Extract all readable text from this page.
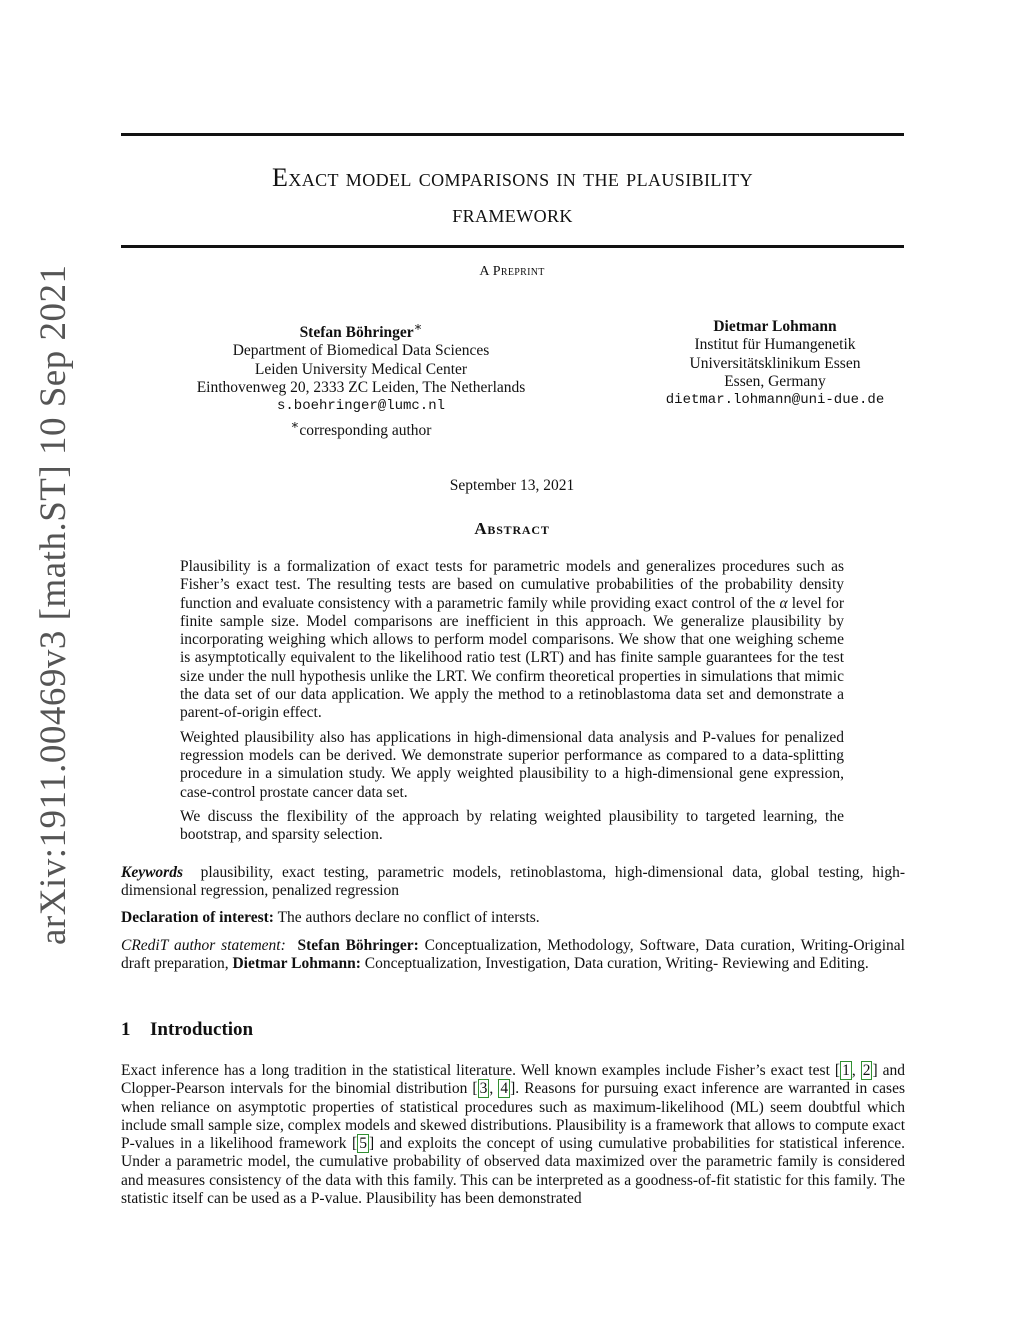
arXiv:1911.00469v3 [math.ST] 10 Sep 2021
Exact model comparisons in the plausibility
framework
A Preprint
Stefan Böhringer∗
Department of Biomedical Data Sciences
Leiden University Medical Center
Einthovenweg 20, 2333 ZC Leiden, The Netherlands
s.boehringer@lumc.nl
∗corresponding author
Dietmar Lohmann
Institut für Humangenetik
Universitätsklinikum Essen
Essen, Germany
dietmar.lohmann@uni-due.de
September 13, 2021
Abstract

Plausibility is a formalization of exact tests for parametric models and generalizes procedures such as Fisher’s exact test. The resulting tests are based on cumulative probabilities of the probability density function and evaluate consistency with a parametric family while providing exact control of the α level for finite sample size. Model comparisons are inefficient in this approach. We generalize plausibility by incorporating weighing which allows to perform model comparisons. We show that one weighing scheme is asymptotically equivalent to the likelihood ratio test (LRT) and has finite sample guarantees for the test size under the null hypothesis unlike the LRT. We confirm theoretical properties in simulations that mimic the data set of our data application. We apply the method to a retinoblastoma data set and demonstrate a parent-of-origin effect.

Weighted plausibility also has applications in high-dimensional data analysis and P-values for penalized regression models can be derived. We demonstrate superior performance as compared to a data-splitting procedure in a simulation study. We apply weighted plausibility to a high-dimensional gene expression, case-control prostate cancer data set.

We discuss the flexibility of the approach by relating weighted plausibility to targeted learning, the bootstrap, and sparsity selection.

Keywords plausibility, exact testing, parametric models, retinoblastoma, high-dimensional data, global testing, high-dimensional regression, penalized regression
Declaration of interest: The authors declare no conflict of intersts.
CRediT author statement: Stefan Böhringer: Conceptualization, Methodology, Software, Data curation, Writing-Original draft preparation, Dietmar Lohmann: Conceptualization, Investigation, Data curation, Writing- Reviewing and Editing.
1 Introduction
Exact inference has a long tradition in the statistical literature. Well known examples include Fisher’s exact test [ 1 , 2 ] and Clopper-Pearson intervals for the binomial distribution [ 3 , 4 ]. Reasons for pursuing exact inference are warranted in cases when reliance on asymptotic properties of statistical procedures such as maximum-likelihood (ML) seem doubtful which include small sample size, complex models and skewed distributions. Plausibility is a framework that allows to compute exact P-values in a likelihood framework [ 5 ] and exploits the concept of using cumulative probabilities for statistical inference. Under a parametric model, the cumulative probability of observed data maximized over the parametric family is considered and measures consistency of the data with this family. This can be interpreted as a goodness-of-fit statistic for this family. The statistic itself can be used as a P-value. Plausibility has been demonstrated
